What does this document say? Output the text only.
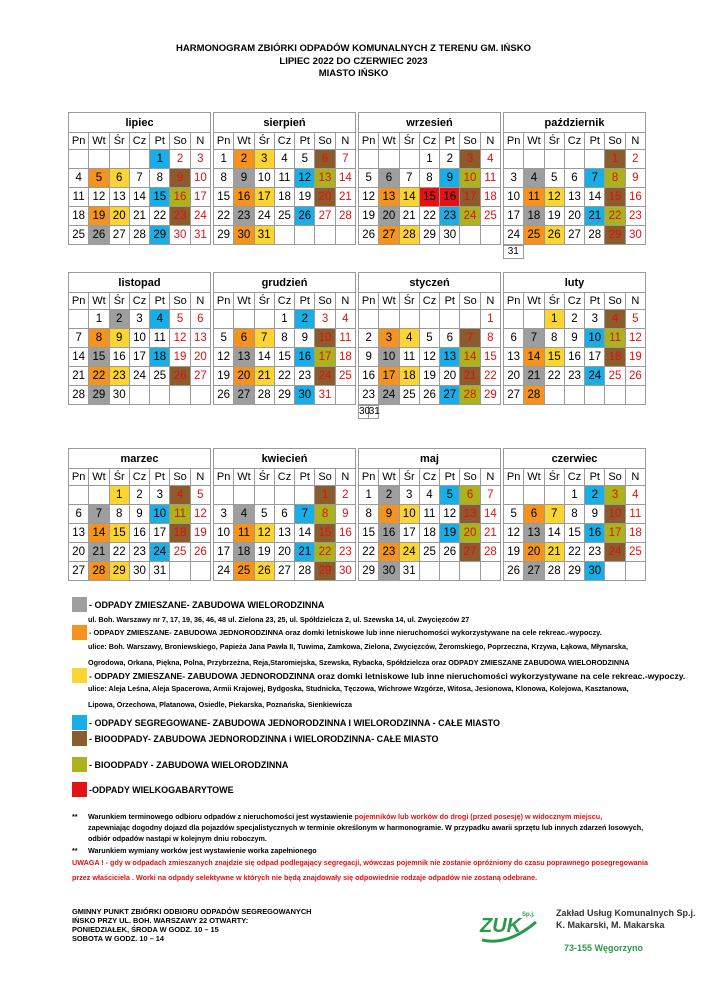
HARMONOGRAM ZBIÓRKI ODPADÓW KOMUNALNYCH Z TERENU GM. IŃSKO
LIPIEC 2022 DO CZERWIEC 2023
MIASTO IŃSKO
lipiec						
Pn	Wt	Śr	Cz	Pt	So	N
				1	2	3
4	5	6	7	8	9	10
11	12	13	14	15	16	17
18	19	20	21	22	23	24
25	26	27	28	29	30	31
sierpień						
Pn	Wt	Śr	Cz	Pt	So	N
1	2	3	4	5	6	7
8	9	10	11	12	13	14
15	16	17	18	19	20	21
22	23	24	25	26	27	28
29	30	31				
wrzesień						
Pn	Wt	Śr	Cz	Pt	So	N
			1	2	3	4
5	6	7	8	9	10	11
12	13	14	15	16	17	18
19	20	21	22	23	24	25
26	27	28	29	30		
październik						
Pn	Wt	Śr	Cz	Pt	So	N
					1	2
3	4	5	6	7	8	9
10	11	12	13	14	15	16
17	18	19	20	21	22	23
24	25	26	27	28	29	30
31
listopad						
Pn	Wt	Śr	Cz	Pt	So	N
	1	2	3	4	5	6
7	8	9	10	11	12	13
14	15	16	17	18	19	20
21	22	23	24	25	26	27
28	29	30				
grudzień						
Pn	Wt	Śr	Cz	Pt	So	N
			1	2	3	4
5	6	7	8	9	10	11
12	13	14	15	16	17	18
19	20	21	22	23	24	25
26	27	28	29	30	31	
styczeń						
Pn	Wt	Śr	Cz	Pt	So	N
						1
2	3	4	5	6	7	8
9	10	11	12	13	14	15
16	17	18	19	20	21	22
23	24	25	26	27	28	29
30	31
luty						
Pn	Wt	Śr	Cz	Pt	So	N
		1	2	3	4	5
6	7	8	9	10	11	12
13	14	15	16	17	18	19
20	21	22	23	24	25	26
27	28					
marzec						
Pn	Wt	Śr	Cz	Pt	So	N
		1	2	3	4	5
6	7	8	9	10	11	12
13	14	15	16	17	18	19
20	21	22	23	24	25	26
27	28	29	30	31		
kwiecień						
Pn	Wt	Śr	Cz	Pt	So	N
					1	2
3	4	5	6	7	8	9
10	11	12	13	14	15	16
17	18	19	20	21	22	23
24	25	26	27	28	29	30
maj						
Pn	Wt	Śr	Cz	Pt	So	N
1	2	3	4	5	6	7
8	9	10	11	12	13	14
15	16	17	18	19	20	21
22	23	24	25	26	27	28
29	30	31				
czerwiec						
Pn	Wt	Śr	Cz	Pt	So	N
			1	2	3	4
5	6	7	8	9	10	11
12	13	14	15	16	17	18
19	20	21	22	23	24	25
26	27	28	29	30		
- ODPADY ZMIESZANE- ZABUDOWA WIELORODZINNA
ul. Boh. Warszawy nr 7, 17, 19, 36, 46, 48 ul. Zielona 23, 25, ul. Spółdzielcza 2, ul. Szewska 14, ul. Zwycięzców 27
- ODPADY ZMIESZANE- ZABUDOWA JEDNORODZINNA oraz domki letniskowe lub inne nieruchomości wykorzystywane na cele rekreac.-wypoczy.
ulice: Boh. Warszawy, Broniewskiego, Papieża Jana Pawła II, Tuwima, Zamkowa, Zielona, Zwycięzców, Żeromskiego, Poprzeczna, Krzywa, Łąkowa, Młynarska,
Ogrodowa, Orkana, Piękna, Polna, Przybrzeżna, Reja,Staromiejska, Szewska, Rybacka, Spółdzielcza oraz ODPADY ZMIESZANE ZABUDOWA WIELORODZINNA
- ODPADY ZMIESZANE- ZABUDOWA JEDNORODZINNA oraz domki letniskowe lub inne nieruchomości wykorzystywane na cele rekreac.-wypoczy.
ulice: Aleja Leśna, Aleja Spacerowa, Armii Krajowej, Bydgoska, Studnicka, Tęczowa, Wichrowe Wzgórze, Witosa, Jesionowa, Klonowa, Kolejowa, Kasztanowa,
Lipowa, Orzechowa, Platanowa, Osiedle, Piekarska, Poznańska, Sienkiewicza
- ODPADY SEGREGOWANE- ZABUDOWA JEDNORODZINNA I WIELORODZINNA - CAŁE MIASTO
- BIOODPADY- ZABUDOWA JEDNORODZINNA i WIELORODZINNA- CAŁE MIASTO
- BIOODPADY - ZABUDOWA WIELORODZINNA
-ODPADY WIELKOGABARYTOWE
** Warunkiem terminowego odbioru odpadów z nieruchomości jest wystawienie pojemników lub worków do drogi (przed posesję) w widocznym miejscu,
zapewniając dogodny dojazd dla pojazdów specjalistycznych w terminie określonym w harmonogramie. W przypadku awarii sprzętu lub innych zdarzeń losowych,
odbiór odpadów nastąpi w kolejnym dniu roboczym.
** Warunkiem wymiany worków jest wystawienie worka zapełnionego
UWAGA ! - gdy w odpadach zmieszanych znajdzie się odpad podlegający segregacji, wówczas pojemnik nie zostanie opróżniony do czasu poprawnego posegregowania
przez właściciela . Worki na odpady selektywne w których nie będą znajdowały się odpowiednie rodzaje odpadów nie zostaną odebrane.
GMINNY PUNKT ZBIÓRKI ODBIORU ODPADÓW SEGREGOWANYCH
IŃSKO PRZY UL. BOH. WARSZAWY 22 OTWARTY:
PONIEDZIAŁEK, ŚRODA W GODZ. 10 – 15
SOBOTA W GODZ. 10 – 14
ZUK Sp.j. Zakład Usług Komunalnych Sp.j.
K. Makarski, M. Makarska
73-155 Węgorzyno
